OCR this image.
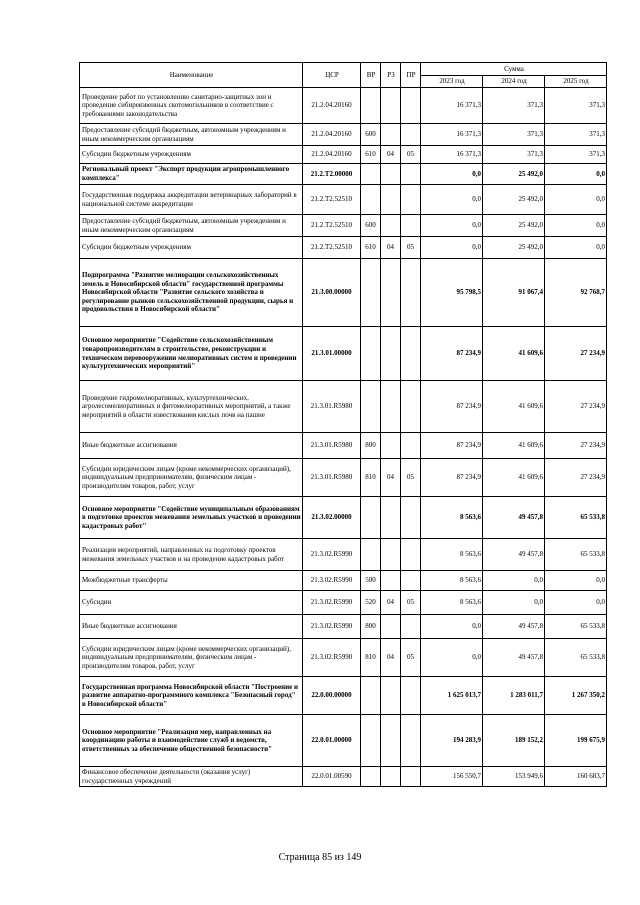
Наименование	ЦСР	ВР	РЗ	ПР	Сумма		
					2023 год	2024 год	2025 год
Проведение работ по установлению санитарно-защитных зон и проведение сибиреязвенных скотомогильников в соответствие с требованиями законодательства	21.2.04.20160				16 371,3	371,3	371,3
Предоставление субсидий бюджетным, автономным учреждениям и иным некоммерческим организациям	21.2.04.20160	600			16 371,3	371,3	371,3
Субсидии бюджетным учреждениям	21.2.04.20160	610	04	05	16 371,3	371,3	371,3
Региональный проект "Экспорт продукции агропромышленного комплекса"	21.2.T2.00000				0,0	25 492,0	0,0
Государственная поддержка аккредитации ветеринарных лабораторий в национальной системе аккредитации	21.2.T2.52510				0,0	25 492,0	0,0
Предоставление субсидий бюджетным, автономным учреждениям и иным некоммерческим организациям	21.2.T2.52510	600			0,0	25 492,0	0,0
Субсидии бюджетным учреждениям	21.2.T2.52510	610	04	05	0,0	25 492,0	0,0
Подпрограмма "Развитие мелиорации сельскохозяйственных земель в Новосибирской области" государственной программы Новосибирской области "Развитие сельского хозяйства и регулирование рынков сельскохозяйственной продукции, сырья и продовольствия в Новосибирской области"	21.3.00.00000				95 798,5	91 067,4	92 768,7
Основное мероприятие "Содействие сельскохозяйственным товаропроизводителям в строительстве, реконструкции и техническом перевооружении мелиоративных систем и проведении культуртехнических мероприятий"	21.3.01.00000				87 234,9	41 609,6	27 234,9
Проведение гидромелиоративных, культуртехнических, агролесомелиоративных и фитомелиоративных мероприятий, а также мероприятий в области известкования кислых почв на пашне	21.3.01.R5980				87 234,9	41 609,6	27 234,9
Иные бюджетные ассигнования	21.3.01.R5980	800			87 234,9	41 609,6	27 234,9
Субсидии юридическим лицам (кроме некоммерческих организаций), индивидуальным предпринимателям, физическим лицам - производителям товаров, работ, услуг	21.3.01.R5980	810	04	05	87 234,9	41 609,6	27 234,9
Основное мероприятие "Содействие муниципальным образованиям в подготовке проектов межевания земельных участков и проведении кадастровых работ"	21.3.02.00000				8 563,6	49 457,8	65 533,8
Реализация мероприятий, направленных на подготовку проектов межевания земельных участков и на проведение кадастровых работ	21.3.02.R5990				8 563,6	49 457,8	65 533,8
Межбюджетные трансферты	21.3.02.R5990	500			8 563,6	0,0	0,0
Субсидии	21.3.02.R5990	520	04	05	8 563,6	0,0	0,0
Иные бюджетные ассигнования	21.3.02.R5990	800			0,0	49 457,8	65 533,8
Субсидии юридическим лицам (кроме некоммерческих организаций), индивидуальным предпринимателям, физическим лицам - производителям товаров, работ, услуг	21.3.02.R5990	810	04	05	0,0	49 457,8	65 533,8
Государственная программа Новосибирской области "Построение и развитие аппаратно-программного комплекса "Безопасный город" в Новосибирской области"	22.0.00.00000				1 625 013,7	1 283 011,7	1 267 350,2
Основное мероприятие "Реализация мер, направленных на координацию работы и взаимодействие служб и ведомств, ответственных за обеспечение общественной безопасности"	22.0.01.00000				194 283,9	189 152,2	199 675,9
Финансовое обеспечение деятельности (оказания услуг) государственных учреждений	22.0.01.00590				156 550,7	153 949,6	160 683,7
Страница 85 из 149
